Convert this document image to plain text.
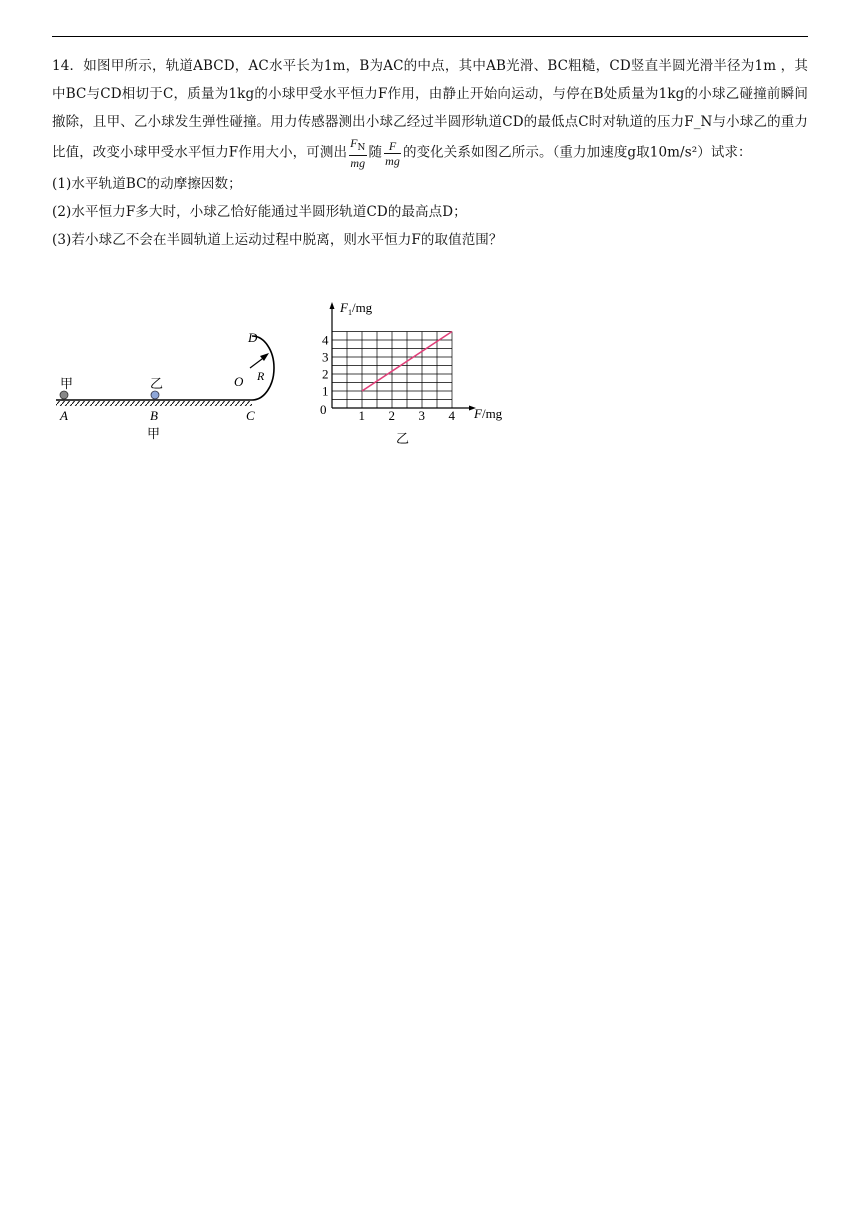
14．如图甲所示，轨道ABCD，AC水平长为1m，B为AC的中点，其中AB光滑、BC粗糙，CD竖直半圆光滑半径为1m ，其中BC与CD相切于C，质量为1kg的小球甲受水平恒力F作用，由静止开始向运动，与停在B处质量为1kg的小球乙碰撞前瞬间撤除，且甲、乙小球发生弹性碰撞。用力传感器测出小球乙经过半圆形轨道CD的最低点C时对轨道的压力F_N与小球乙的重力比值，改变小球甲受水平恒力F作用大小，可测出 $\frac{F_N}{mg}$ 随 $\frac{F}{mg}$ 的变化关系如图乙所示。（重力加速度g取10m/s²）试求：

(1)水平轨道BC的动摩擦因数；

(2)水平恒力F多大时，小球乙恰好能通过半圆形轨道CD的最高点D；

(3)若小球乙不会在半圆轨道上运动过程中脱离，则水平恒力F的取值范围？

甲	乙
A	B	C
D
O R
甲
1 2 3 4
1
2
3
4
$F_1/mg$
F/mg
0
乙
